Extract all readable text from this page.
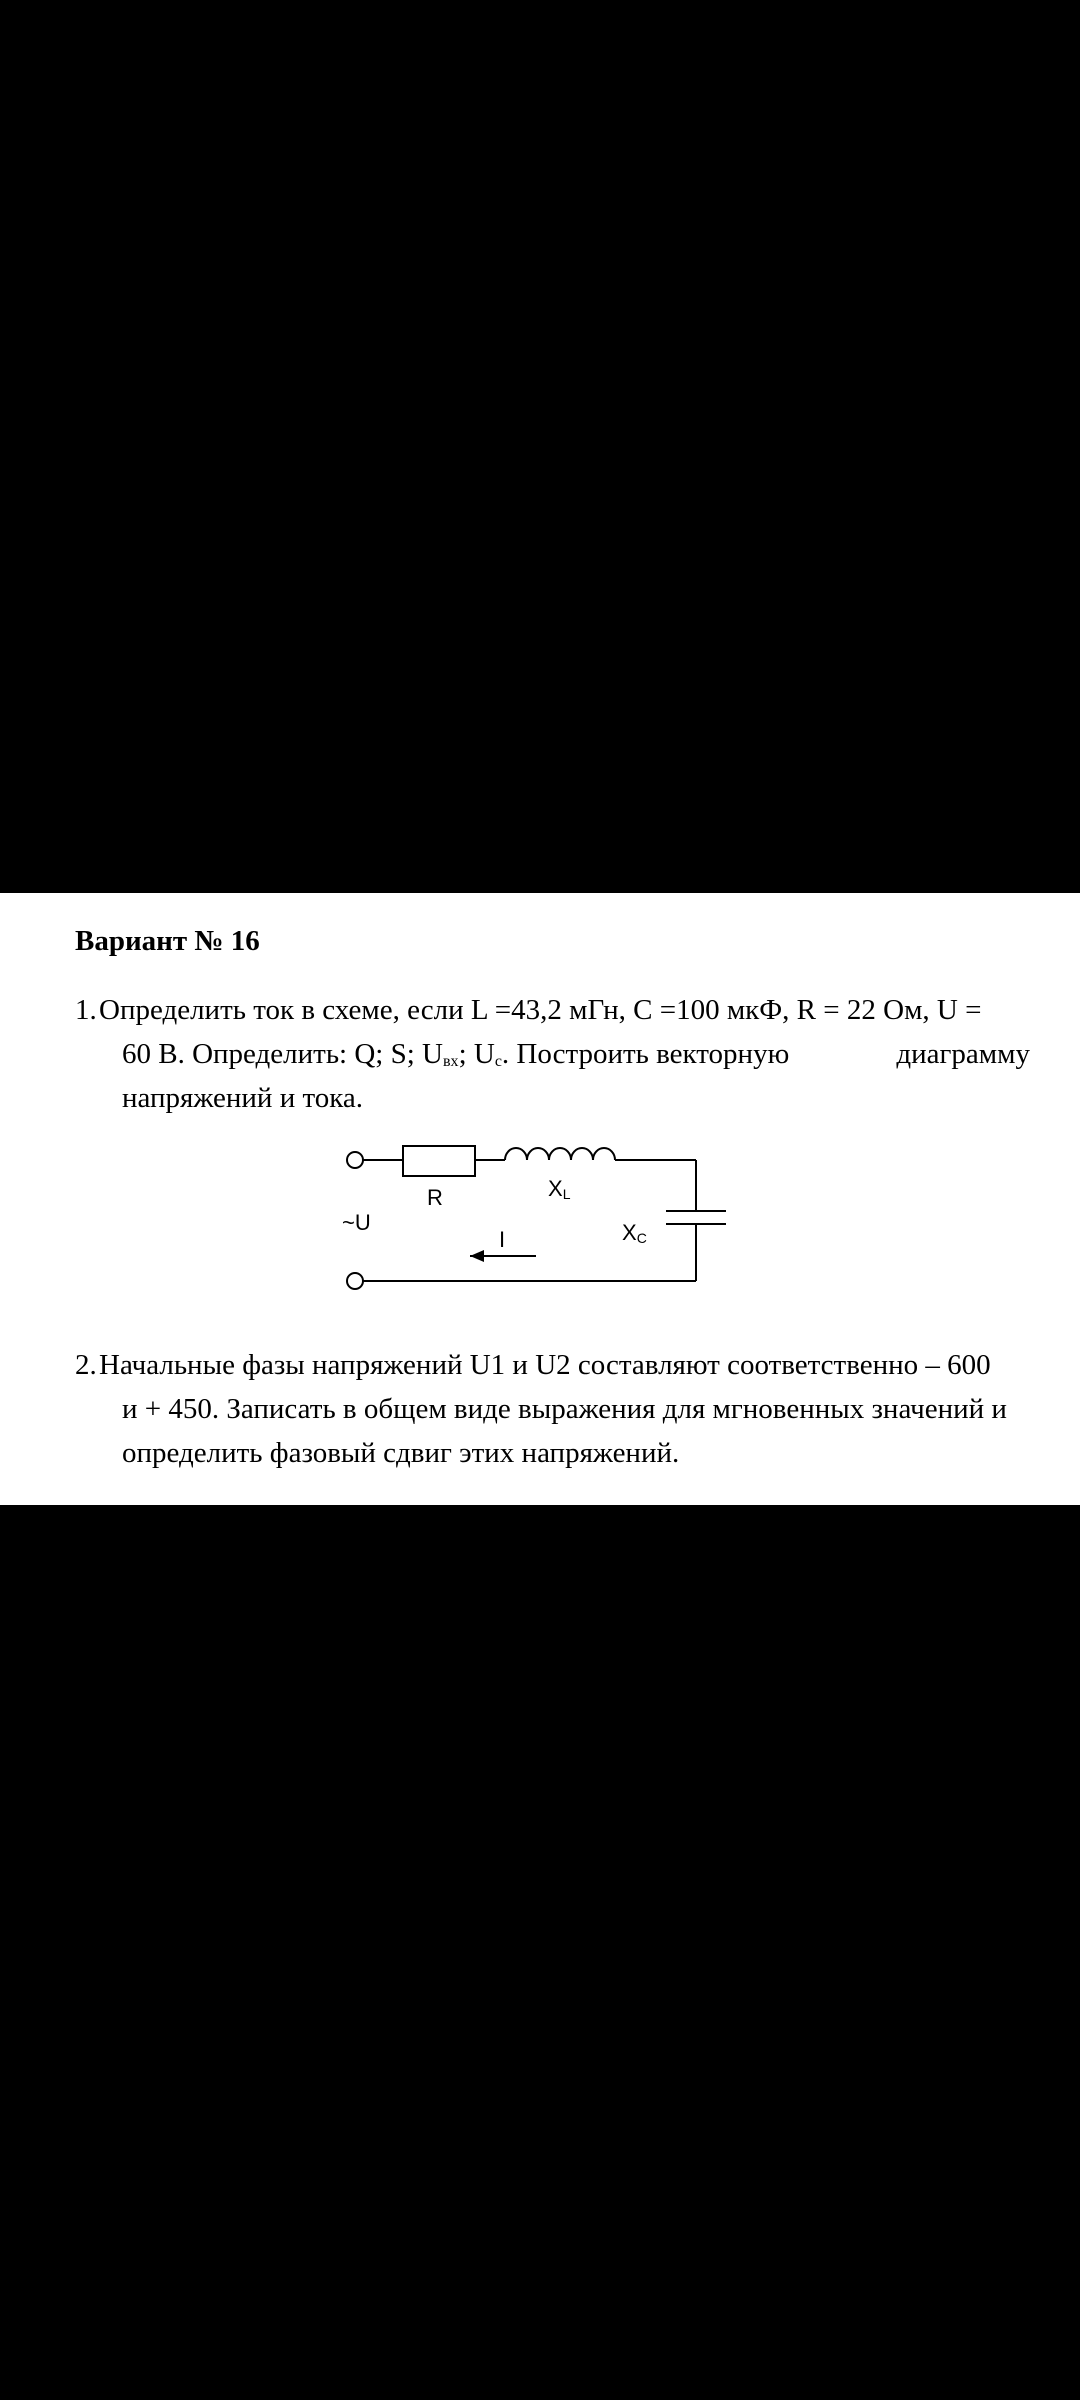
Вариант № 16
1. Определить ток в схеме, если L =43,2 мГн, C =100 мкФ, R = 22 Ом, U =
60 В. Определить: Q; S; $U_{вх}$; $U_c$. Построить векторную	диаграмму
напряжений и тока.
R	XL
XC
~U
I
2. Начальные фазы напряжений U1 и U2 составляют соответственно – 600
и + 450. Записать в общем виде выражения для мгновенных значений и
определить фазовый сдвиг этих напряжений.
